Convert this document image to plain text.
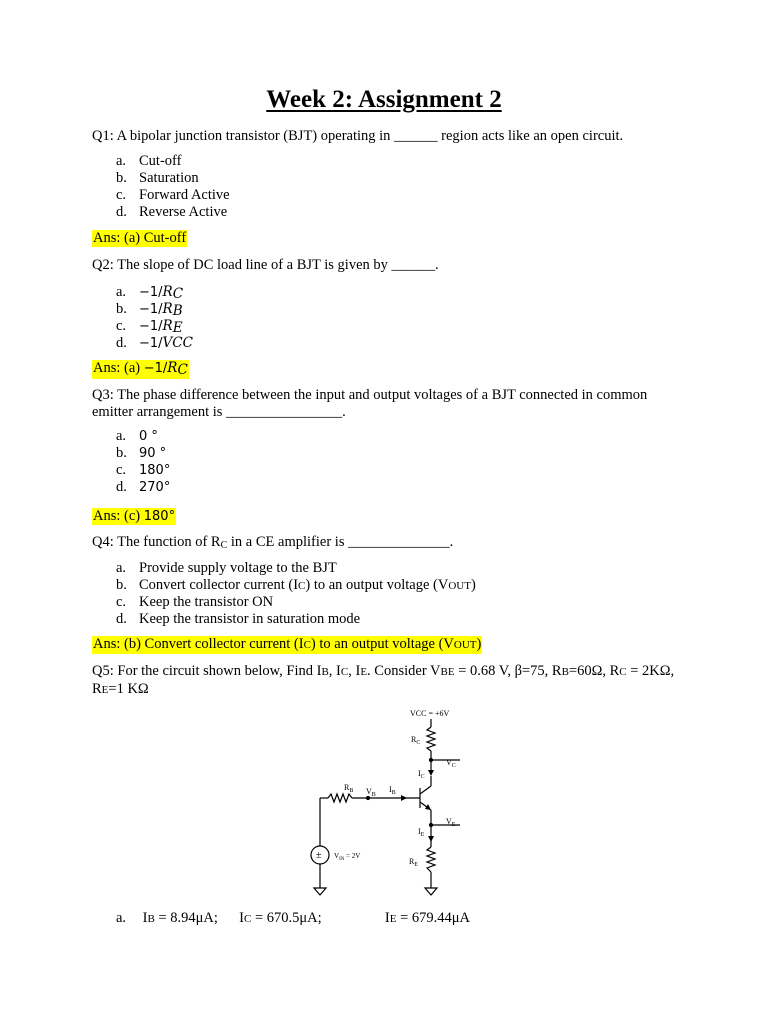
Week 2: Assignment 2
Q1: A bipolar junction transistor (BJT) operating in ______ region acts like an open circuit.
a. Cut-off
b. Saturation
c. Forward Active
d. Reverse Active
Ans: (a) Cut-off
Q2: The slope of DC load line of a BJT is given by ______.
a. $-1/R_C$
b. $-1/R_B$
c. $-1/R_E$
d. −1/VCC
Ans: $(a) -1/R_C$
Q3: The phase difference between the input and output voltages of a BJT connected in common
emitter arrangement is ________________.
a. 0 °
b. 90 °
c. 180°
d. 270°
Ans: (c) 180°
Q4: The function of $R_C$ in a CE amplifier is ______________.
a. Provide supply voltage to the BJT
b. Convert collector current (IC) to an output voltage (VOUT)
c. Keep the transistor ON
d. Keep the transistor in saturation mode
Ans: (b) Convert collector current (IC) to an output voltage (VOUT)
Q5: For the circuit shown below, Find IB, IC, IE. Consider VBE = 0.68 V, β=75, RB=60Ω, RC = 2KΩ,
RE=1 KΩ
VCC = +6V
$R_C$
$V_C$
$I_C$
$I_B$
$R_B$ $V_B$
± $V_{IN} = 2V$
$V_E$
$I_E$
$R_E$
a. IB = 8.94μA; IC = 670.5μA;	IE = 679.44μA
